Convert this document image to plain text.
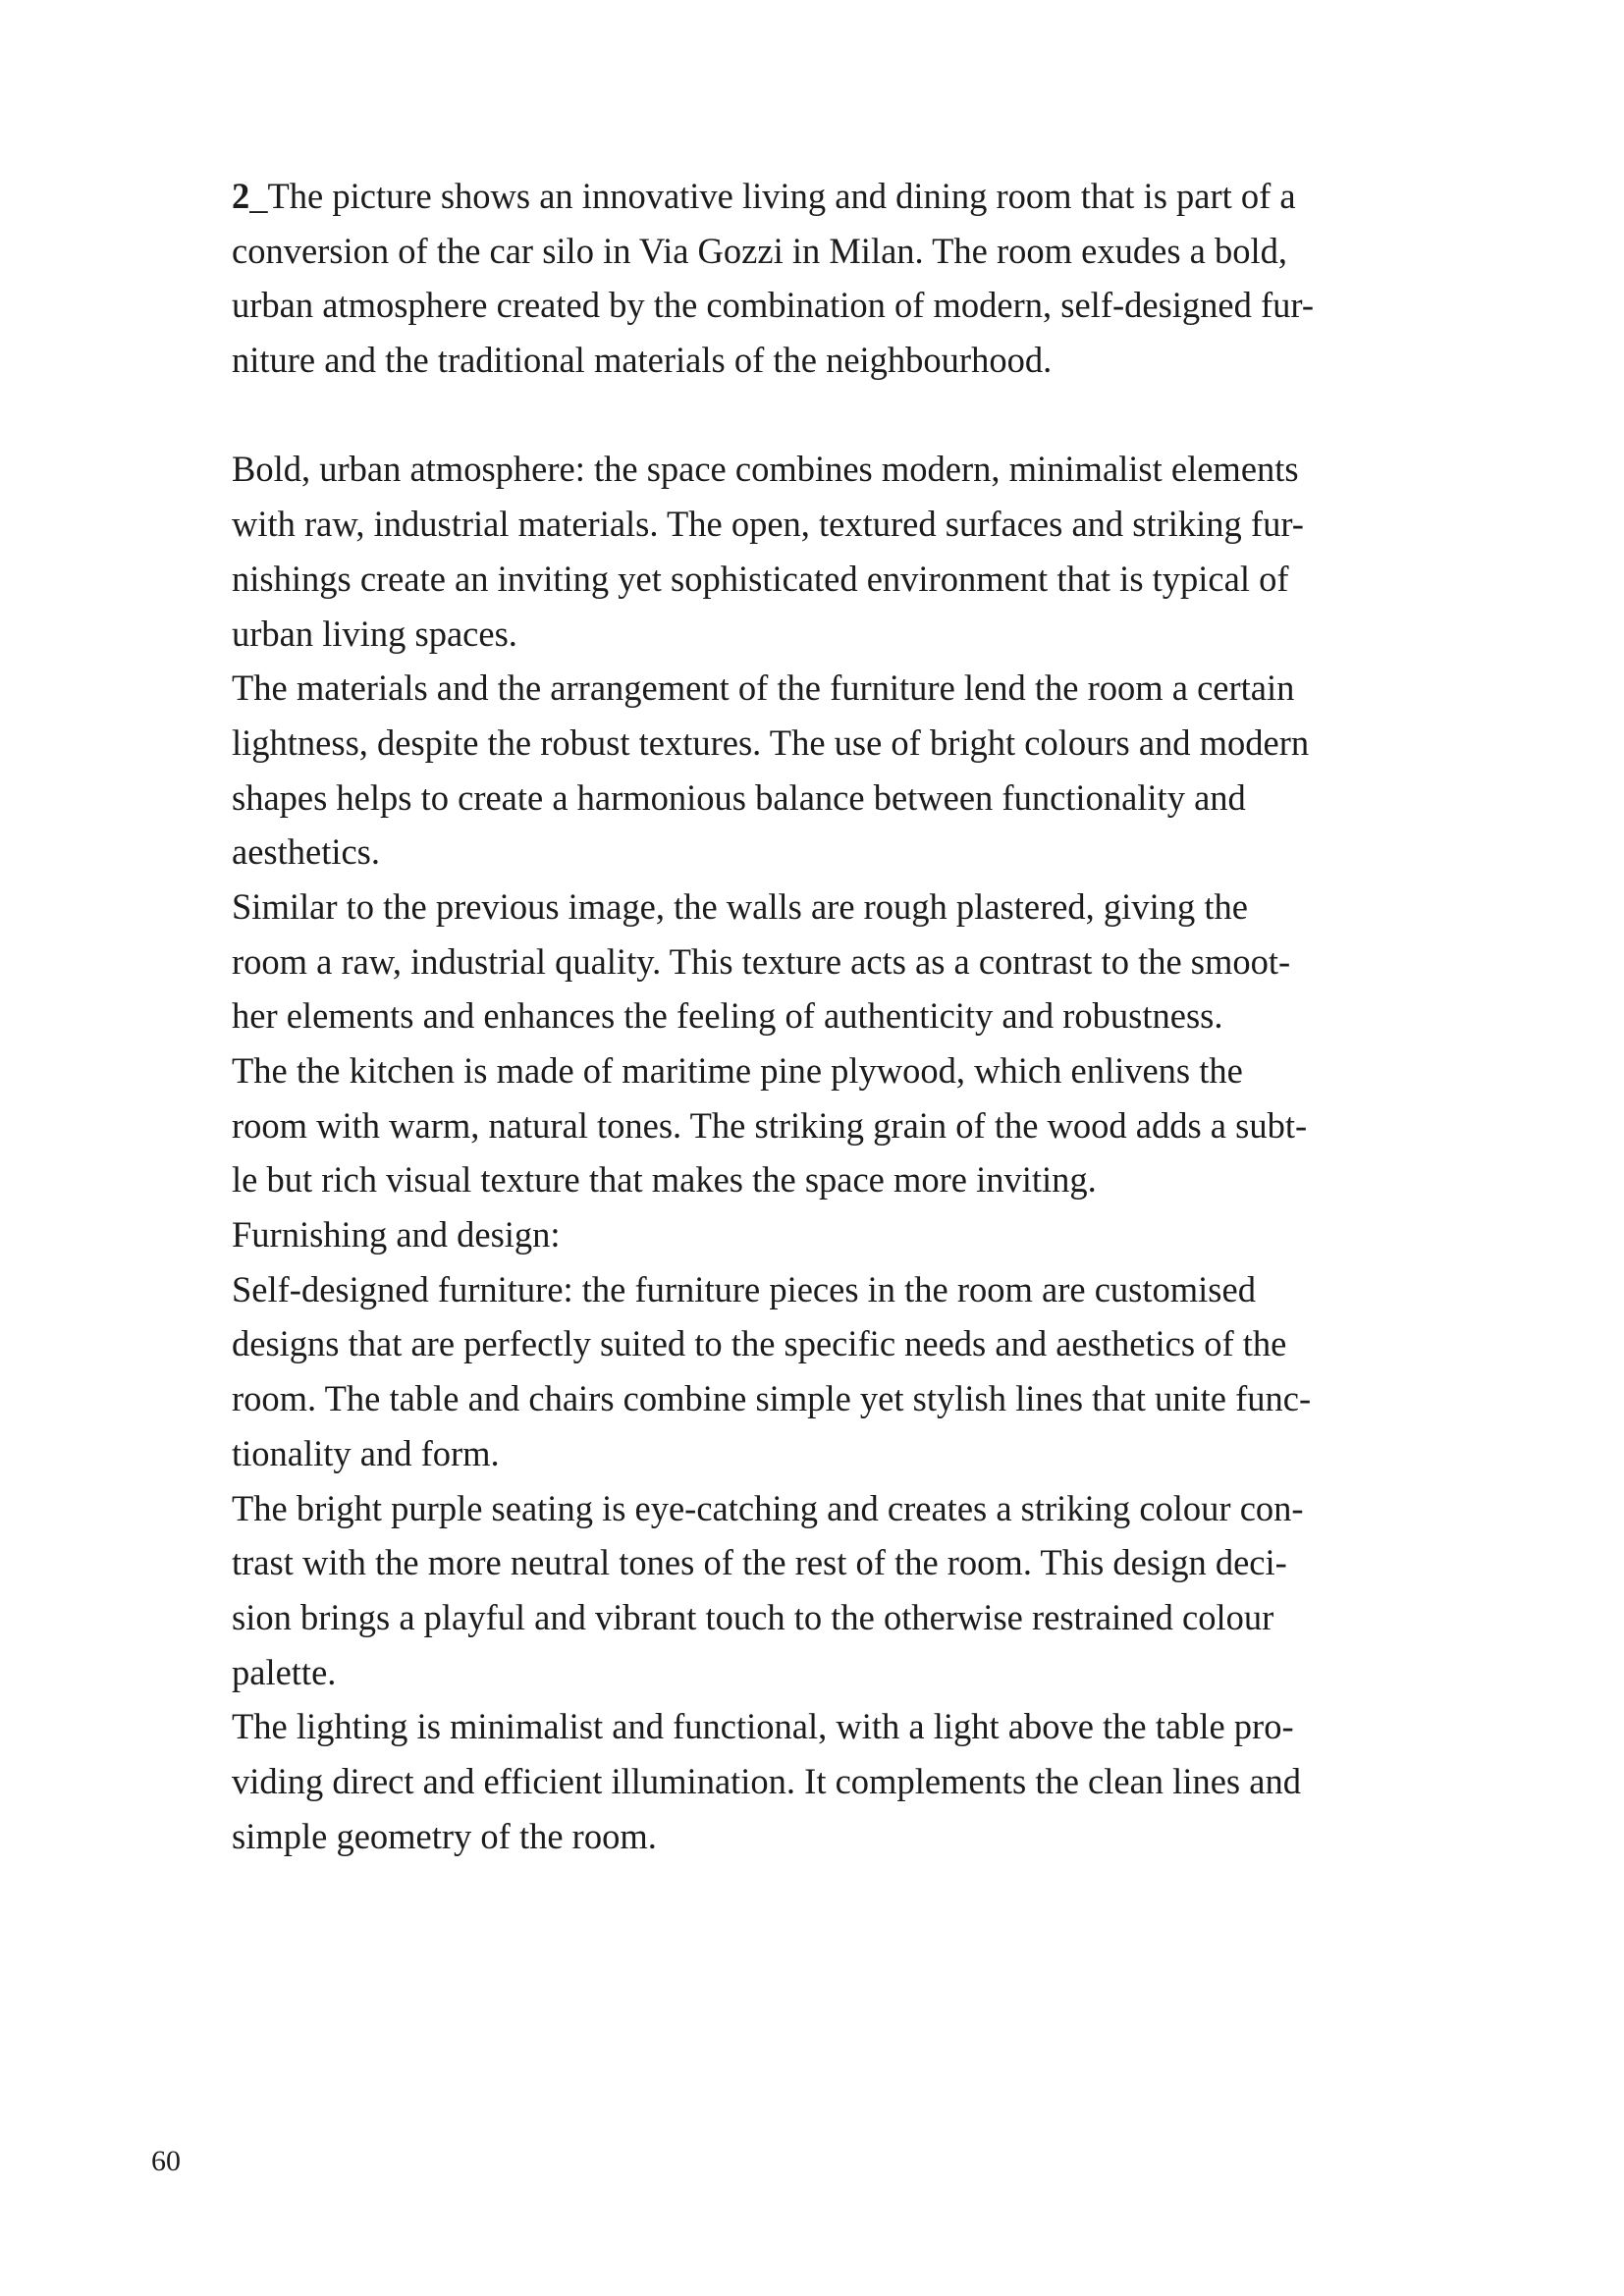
2_The picture shows an innovative living and dining room that is part of a
conversion of the car silo in Via Gozzi in Milan. The room exudes a bold,
urban atmosphere created by the combination of modern, self-designed fur-
niture and the traditional materials of the neighbourhood.
Bold, urban atmosphere: the space combines modern, minimalist elements
with raw, industrial materials. The open, textured surfaces and striking fur-
nishings create an inviting yet sophisticated environment that is typical of
urban living spaces.
The materials and the arrangement of the furniture lend the room a certain
lightness, despite the robust textures. The use of bright colours and modern
shapes helps to create a harmonious balance between functionality and
aesthetics.
Similar to the previous image, the walls are rough plastered, giving the
room a raw, industrial quality. This texture acts as a contrast to the smoot-
her elements and enhances the feeling of authenticity and robustness.
The the kitchen is made of maritime pine plywood, which enlivens the
room with warm, natural tones. The striking grain of the wood adds a subt-
le but rich visual texture that makes the space more inviting.
Furnishing and design:
Self-designed furniture: the furniture pieces in the room are customised
designs that are perfectly suited to the specific needs and aesthetics of the
room. The table and chairs combine simple yet stylish lines that unite func-
tionality and form.
The bright purple seating is eye-catching and creates a striking colour con-
trast with the more neutral tones of the rest of the room. This design deci-
sion brings a playful and vibrant touch to the otherwise restrained colour
palette.
The lighting is minimalist and functional, with a light above the table pro-
viding direct and efficient illumination. It complements the clean lines and
simple geometry of the room.
60
